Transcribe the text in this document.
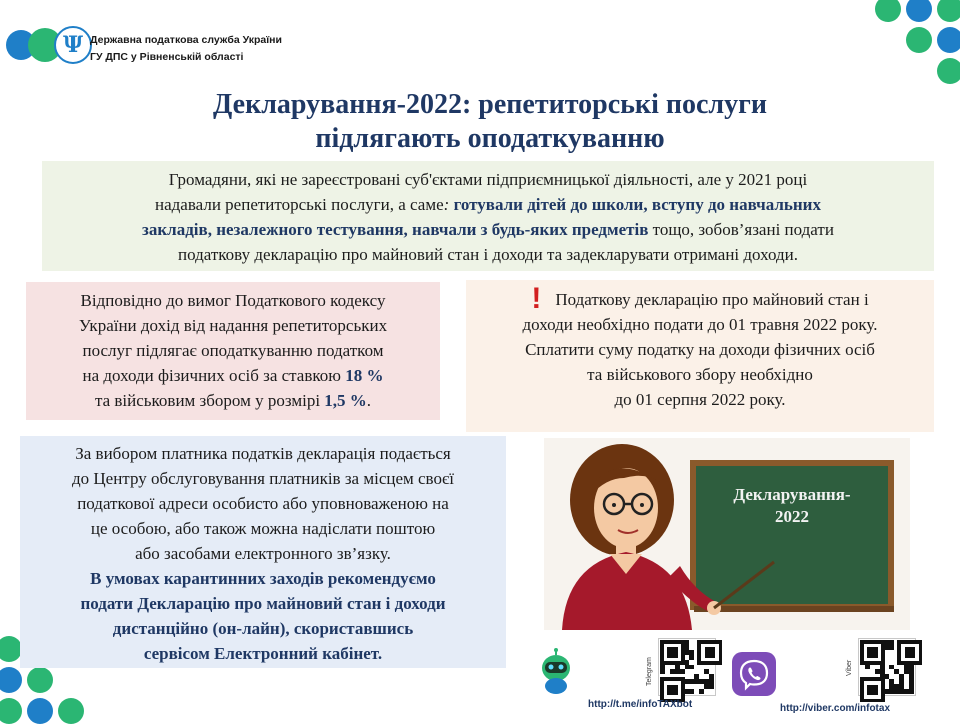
Ψ Державна податкова служба України
ГУ ДПС у Рівненській області
Декларування-2022: репетиторські послуги
підлягають оподаткуванню
Громадяни, які не зареєстровані суб'єктами підприємницької діяльності, але у 2021 році
надавали репетиторські послуги, а саме: готували дітей до школи, вступу до навчальних
закладів, незалежного тестування, навчали з будь-яких предметів тощо, зобов’язані подати
податкову декларацію про майновий стан і доходи та задекларувати отримані доходи.
Відповідно до вимог Податкового кодексу
України дохід від надання репетиторських
послуг підлягає оподаткуванню податком
на доходи фізичних осіб за ставкою 18 %
та військовим збором у розмірі 1,5 %.
! Податкову декларацію про майновий стан і
доходи необхідно подати до 01 травня 2022 року.
Сплатити суму податку на доходи фізичних осіб
та військового збору необхідно
до 01 серпня 2022 року.
За вибором платника податків декларація подається
до Центру обслуговування платників за місцем своєї
податкової адреси особисто або уповноваженою на
це особою, або також можна надіслати поштою
або засобами електронного зв’язку.
В умовах карантинних заходів рекомендуємо
подати Декларацію про майновий стан і доходи
дистанційно (он-лайн), скориставшись
сервісом Електронний кабінет.
Декларування-
2022
Telegram
http://t.me/infoTAXbot
Viber
http://viber.com/infotax
